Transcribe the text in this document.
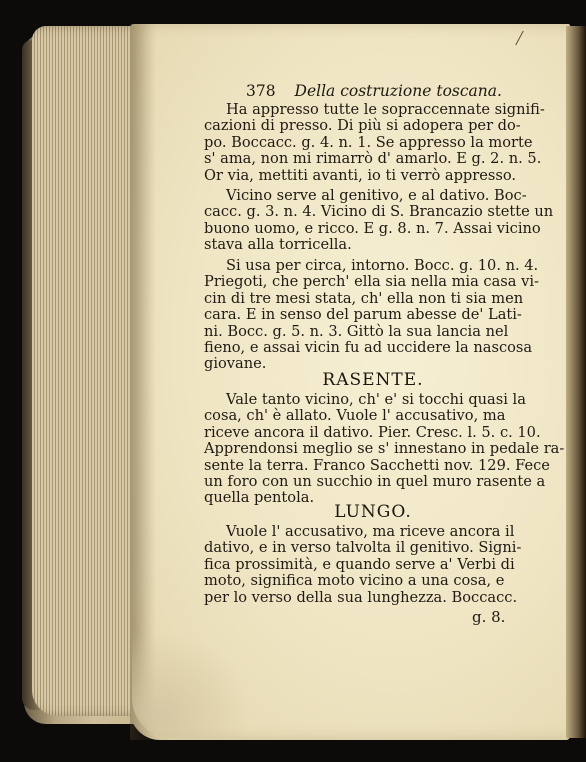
378 Della costruzione toscana.
Ha appresso tutte le sopraccennate signifi-
cazioni di presso. Di più si adopera per do-
po. Boccacc. g. 4. n. 1. Se appresso la morte
s' ama, non mi rimarrò d' amarlo. E g. 2. n. 5.
Or via, mettiti avanti, io ti verrò appresso.
Vicino serve al genitivo, e al dativo. Boc-
cacc. g. 3. n. 4. Vicino di S. Brancazio stette un
buono uomo, e ricco. E g. 8. n. 7. Assai vicino
stava alla torricella.
Si usa per circa, intorno. Bocc. g. 10. n. 4.
Priegoti, che perch' ella sia nella mia casa vi-
cin di tre mesi stata, ch' ella non ti sia men
cara. E in senso del parum abesse de' Lati-
ni. Bocc. g. 5. n. 3. Gittò la sua lancia nel
fieno, e assai vicin fu ad uccidere la nascosa
giovane.
RASENTE.
Vale tanto vicino, ch' e' si tocchi quasi la
cosa, ch' è allato. Vuole l' accusativo, ma
riceve ancora il dativo. Pier. Cresc. l. 5. c. 10.
Apprendonsi meglio se s' innestano in pedale ra-
sente la terra. Franco Sacchetti nov. 129. Fece
un foro con un succhio in quel muro rasente a
quella pentola.
LUNGO.
Vuole l' accusativo, ma riceve ancora il
dativo, e in verso talvolta il genitivo. Signi-
fica prossimità, e quando serve a' Verbi di
moto, significa moto vicino a una cosa, e
per lo verso della sua lunghezza. Boccacc.
g. 8.
